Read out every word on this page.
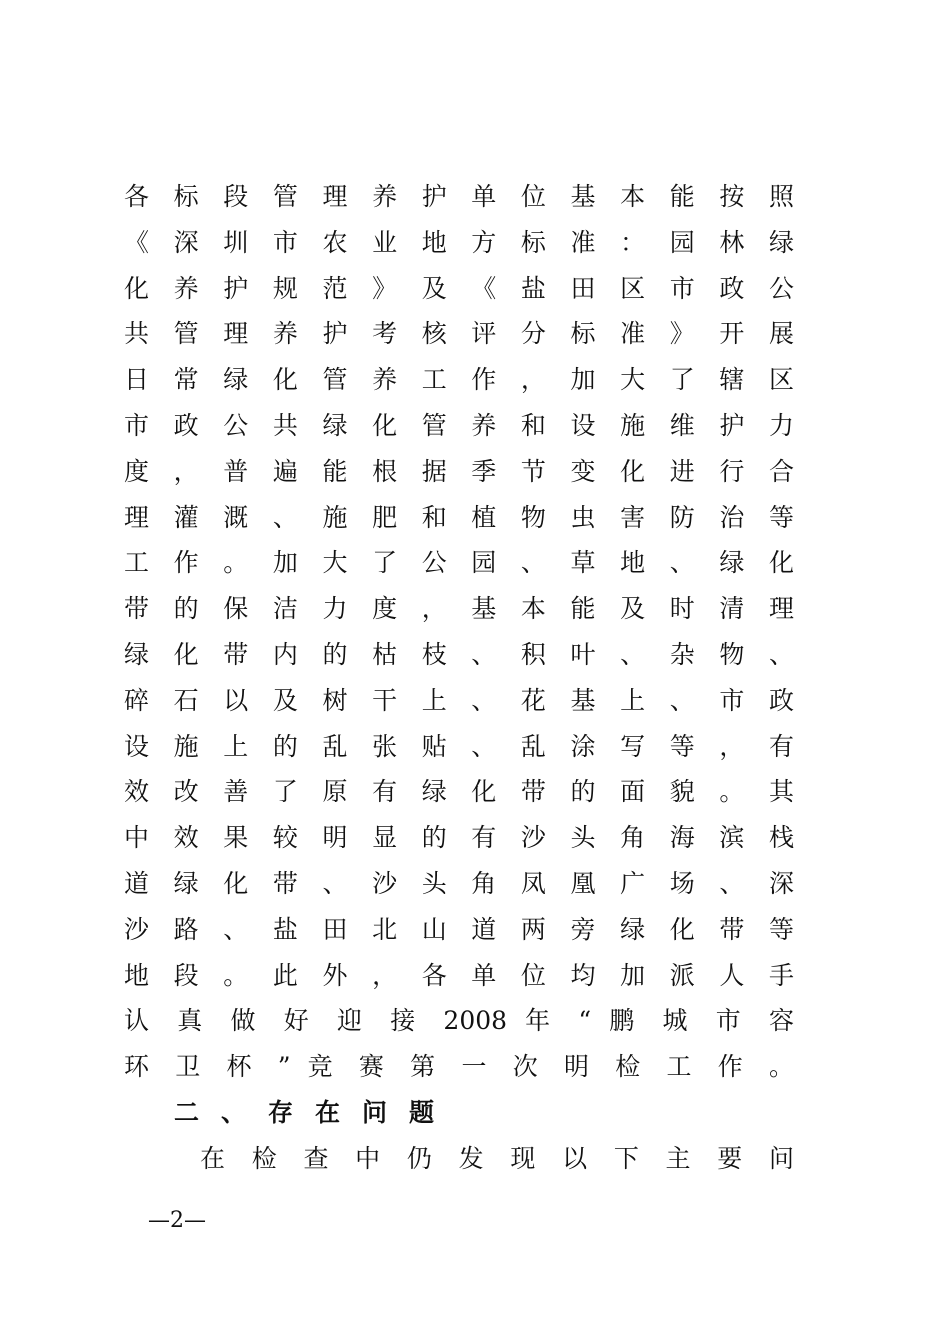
各 标 段 管 理 养 护 单 位 基 本 能 按 照
《 深 圳 市 农 业 地 方 标 准 ： 园 林 绿
化 养 护 规 范 》 及 《 盐 田 区 市 政 公
共 管 理 养 护 考 核 评 分 标 准 》 开 展
日 常 绿 化 管 养 工 作 ， 加 大 了 辖 区
市 政 公 共 绿 化 管 养 和 设 施 维 护 力
度 ， 普 遍 能 根 据 季 节 变 化 进 行 合
理 灌 溉 、 施 肥 和 植 物 虫 害 防 治 等
工 作 。 加 大 了 公 园 、 草 地 、 绿 化
带 的 保 洁 力 度 ， 基 本 能 及 时 清 理
绿 化 带 内 的 枯 枝 、 积 叶 、 杂 物 、
碎 石 以 及 树 干 上 、 花 基 上 、 市 政
设 施 上 的 乱 张 贴 、 乱 涂 写 等 ， 有
效 改 善 了 原 有 绿 化 带 的 面 貌 。 其
中 效 果 较 明 显 的 有 沙 头 角 海 滨 栈
道 绿 化 带 、 沙 头 角 凤 凰 广 场 、 深
沙 路 、 盐 田 北 山 道 两 旁 绿 化 带 等
地 段 。 此 外 ， 各 单 位 均 加 派 人 手
认 真 做 好 迎 接 2008 年 “ 鹏 城 市 容
环 卫 杯 ” 竞 赛 第 一 次 明 检 工 作 。
二、存在问题
在 检 查 中 仍 发 现 以 下 主 要 问
—2—
